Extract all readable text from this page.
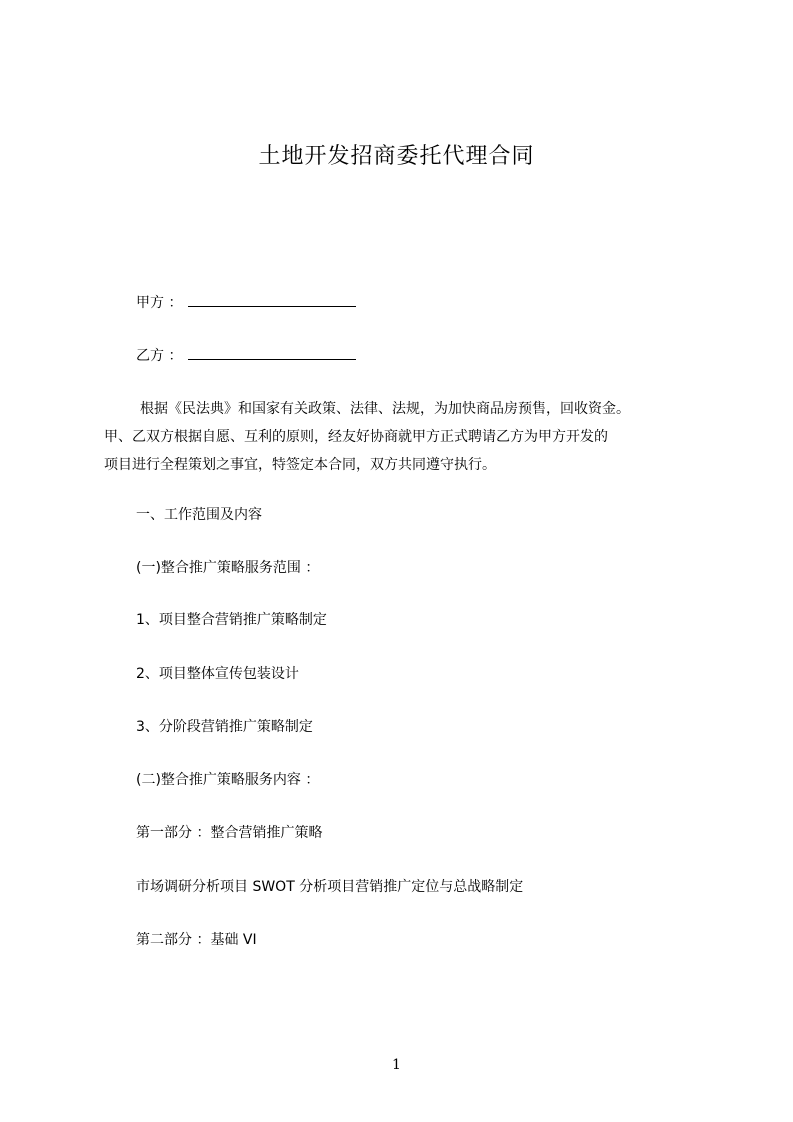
土地开发招商委托代理合同
甲方 ：
乙方 ：
根据《民法典》和国家有关政策、法律、法规，为加快商品房预售，回收资金。
甲、乙双方根据自愿、互利的原则，经友好协商就甲方正式聘请乙方为甲方开发的
项目进行全程策划之事宜，特签定本合同，双方共同遵守执行。
一、工作范围及内容
(一)整合推广策略服务范围 ：
1、项目整合营销推广策略制定
2、项目整体宣传包装设计
3、分阶段营销推广策略制定
(二)整合推广策略服务内容 ：
第一部分 ：整合营销推广策略
市场调研分析项目 SWOT 分析项目营销推广定位与总战略制定
第二部分 ：基础 VI
1
